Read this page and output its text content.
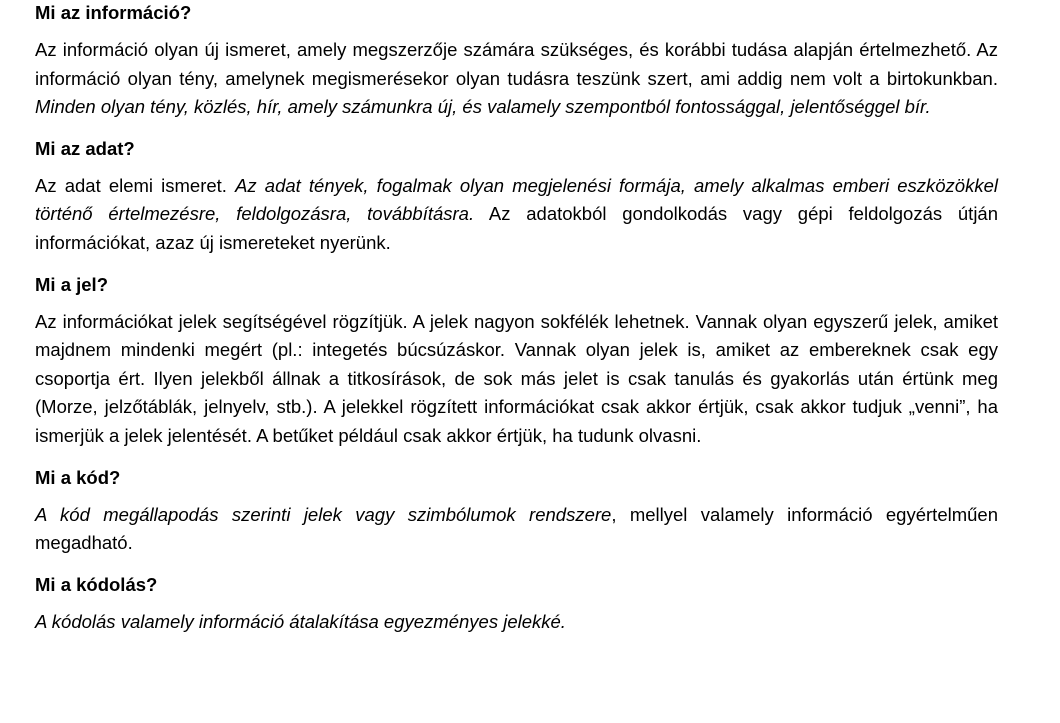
Mi az információ?

Az információ olyan új ismeret, amely megszerzője számára szükséges, és korábbi tudása alapján értelmezhető. Az információ olyan tény, amelynek megismerésekor olyan tudásra teszünk szert, ami addig nem volt a birtokunkban. Minden olyan tény, közlés, hír, amely számunkra új, és valamely szempontból fontossággal, jelentőséggel bír.

Mi az adat?

Az adat elemi ismeret. Az adat tények, fogalmak olyan megjelenési formája, amely alkalmas emberi eszközökkel történő értelmezésre, feldolgozásra, továbbításra. Az adatokból gondolkodás vagy gépi feldolgozás útján információkat, azaz új ismereteket nyerünk.

Mi a jel?

Az információkat jelek segítségével rögzítjük. A jelek nagyon sokfélék lehetnek. Vannak olyan egyszerű jelek, amiket majdnem mindenki megért (pl.: integetés búcsúzáskor. Vannak olyan jelek is, amiket az embereknek csak egy csoportja ért. Ilyen jelekből állnak a titkosírások, de sok más jelet is csak tanulás és gyakorlás után értünk meg (Morze, jelzőtáblák, jelnyelv, stb.). A jelekkel rögzített információkat csak akkor értjük, csak akkor tudjuk „venni”, ha ismerjük a jelek jelentését. A betűket például csak akkor értjük, ha tudunk olvasni.

Mi a kód?

A kód megállapodás szerinti jelek vagy szimbólumok rendszere, mellyel valamely információ egyértelműen megadható.

Mi a kódolás?

A kódolás valamely információ átalakítása egyezményes jelekké.
